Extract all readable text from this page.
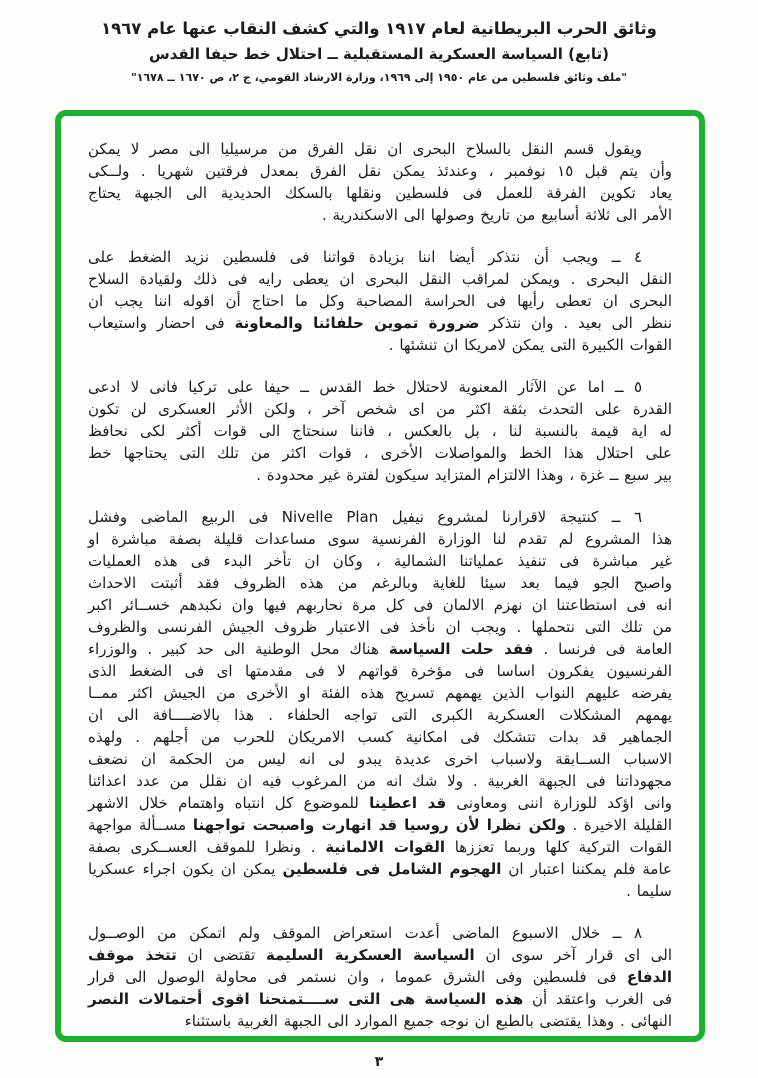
وثائق الحرب البريطانية لعام ١٩١٧ والتي كشف النقاب عنها عام ١٩٦٧
(تابع) السياسة العسكرية المستقبلية ــ احتلال خط حيفا القدس
"ملف وثائق فلسطين من عام ١٩٥٠ إلى ١٩٦٩، وزارة الارشاد القومي، ج ٢، ص ١٦٧٠ ــ ١٦٧٨"
ويقول قسم النقل بالسلاح البحرى ان نقل الفرق من مرسيليا الى مصر لا يمكن
وأن يتم قبل ١٥ نوفمبر ، وعندئذ يمكن نقل الفرق بمعدل فرقتين شهريا . ولــكى
يعاد تكوين الفرقة للعمل فى فلسطين ونقلها بالسكك الحديدية الى الجبهة يحتاج
الأمر الى ثلاثة أسابيع من تاريخ وصولها الى الاسكندرية .
٤ ــ ويجب أن نتذكر أيضا اننا بزيادة قواتنا فى فلسطين نزيد الضغط على
النقل البحرى . ويمكن لمراقب النقل البحرى ان يعطى رايه فى ذلك ولقيادة السلاح
البحرى ان تعطى رأيها فى الحراسة المصاحبة وكل ما احتاج أن اقوله اننا يجب ان
ننظر الى بعيد . وان نتذكر ضرورة تموين حلفائنا والمعاونة فى احضار واستيعاب
القوات الكبيرة التى يمكن لامريكا ان تنشئها .
٥ ــ اما عن الآثار المعنوية لاحتلال خط القدس ــ حيفا على تركيا فانى لا ادعى
القدرة على التحدث بثقة اكثر من اى شخص آخر ، ولكن الأثر العسكرى لن تكون
له اية قيمة بالنسبة لنا ، بل بالعكس ، فاننا سنحتاج الى قوات أكثر لكى نحافظ
على احتلال هذا الخط والمواصلات الأخرى ، قوات اكثر من تلك التى يحتاجها خط
بير سبع ــ غزة ، وهذا الالتزام المتزايد سيكون لفترة غير محدودة .
٦ ــ كنتيجة لاقرارنا لمشروع نيفيل Nivelle Plan فى الربيع الماضى وفشل
هذا المشروع لم تقدم لنا الوزارة الفرنسية سوى مساعدات قليلة بصفة مباشرة او
غير مباشرة فى تنفيذ عملياتنا الشمالية ، وكان ان تأخر البدء فى هذه العمليات
واصبح الجو فيما بعد سيئا للغاية وبالرغم من هذه الظروف فقد أثبتت الاحداث
انه فى استطاعتنا ان نهزم الالمان فى كل مرة نحاربهم فيها وان نكبدهم خســائر اكبر
من تلك التى نتحملها . ويجب ان نأخذ فى الاعتبار ظروف الجيش الفرنسى والظروف
العامة فى فرنسا . فقد حلت السياسة هناك محل الوطنية الى حد كبير . والوزراء
الفرنسيون يفكرون اساسا فى مؤخرة قواتهم لا فى مقدمتها اى فى الضغط الذى
يفرضه عليهم النواب الذين يهمهم تسريح هذه الفئة او الأخرى من الجيش اكثر ممــا
يهمهم المشكلات العسكرية الكبرى التى تواجه الحلفاء . هذا بالاضــــافة الى ان
الجماهير قد بدات تتشكك فى امكانية كسب الامريكان للحرب من أجلهم . ولهذه
الاسباب الســابقة ولاسباب اخرى عديدة يبدو لى انه ليس من الحكمة ان نضعف
مجهوداتنا فى الجبهة الغربية . ولا شك انه من المرغوب فيه ان نقلل من عدد اعدائنا
وانى اؤكد للوزارة اننى ومعاونى قد اعطينا للموضوع كل انتباه واهتمام خلال الاشهر
القليلة الاخيرة . ولكن نظرا لأن روسيا قد انهارت واصبحت تواجهنا مســألة مواجهة
القوات التركية كلها وربما تعززها القوات الالمانية . ونظرا للموقف العســكرى بصفة
عامة فلم يمكننا اعتبار ان الهجوم الشامل فى فلسطين يمكن ان يكون اجراء عسكريا
سليما .
٨ ــ خلال الاسبوع الماضى أعدت استعراض الموقف ولم اتمكن من الوصــول
الى اى قرار آخر سوى ان السياسة العسكرية السليمة تقتضى ان تتخذ موقف
الدفاع فى فلسطين وفى الشرق عموما ، وان نستمر فى محاولة الوصول الى قرار
فى الغرب واعتقد أن هذه السياسة هى التى ســــتمنحنا اقوى أحتمالات النصر
النهائى . وهذا يقتضى بالطبع ان نوجه جميع الموارد الى الجبهة الغربية باستثناء
٣
